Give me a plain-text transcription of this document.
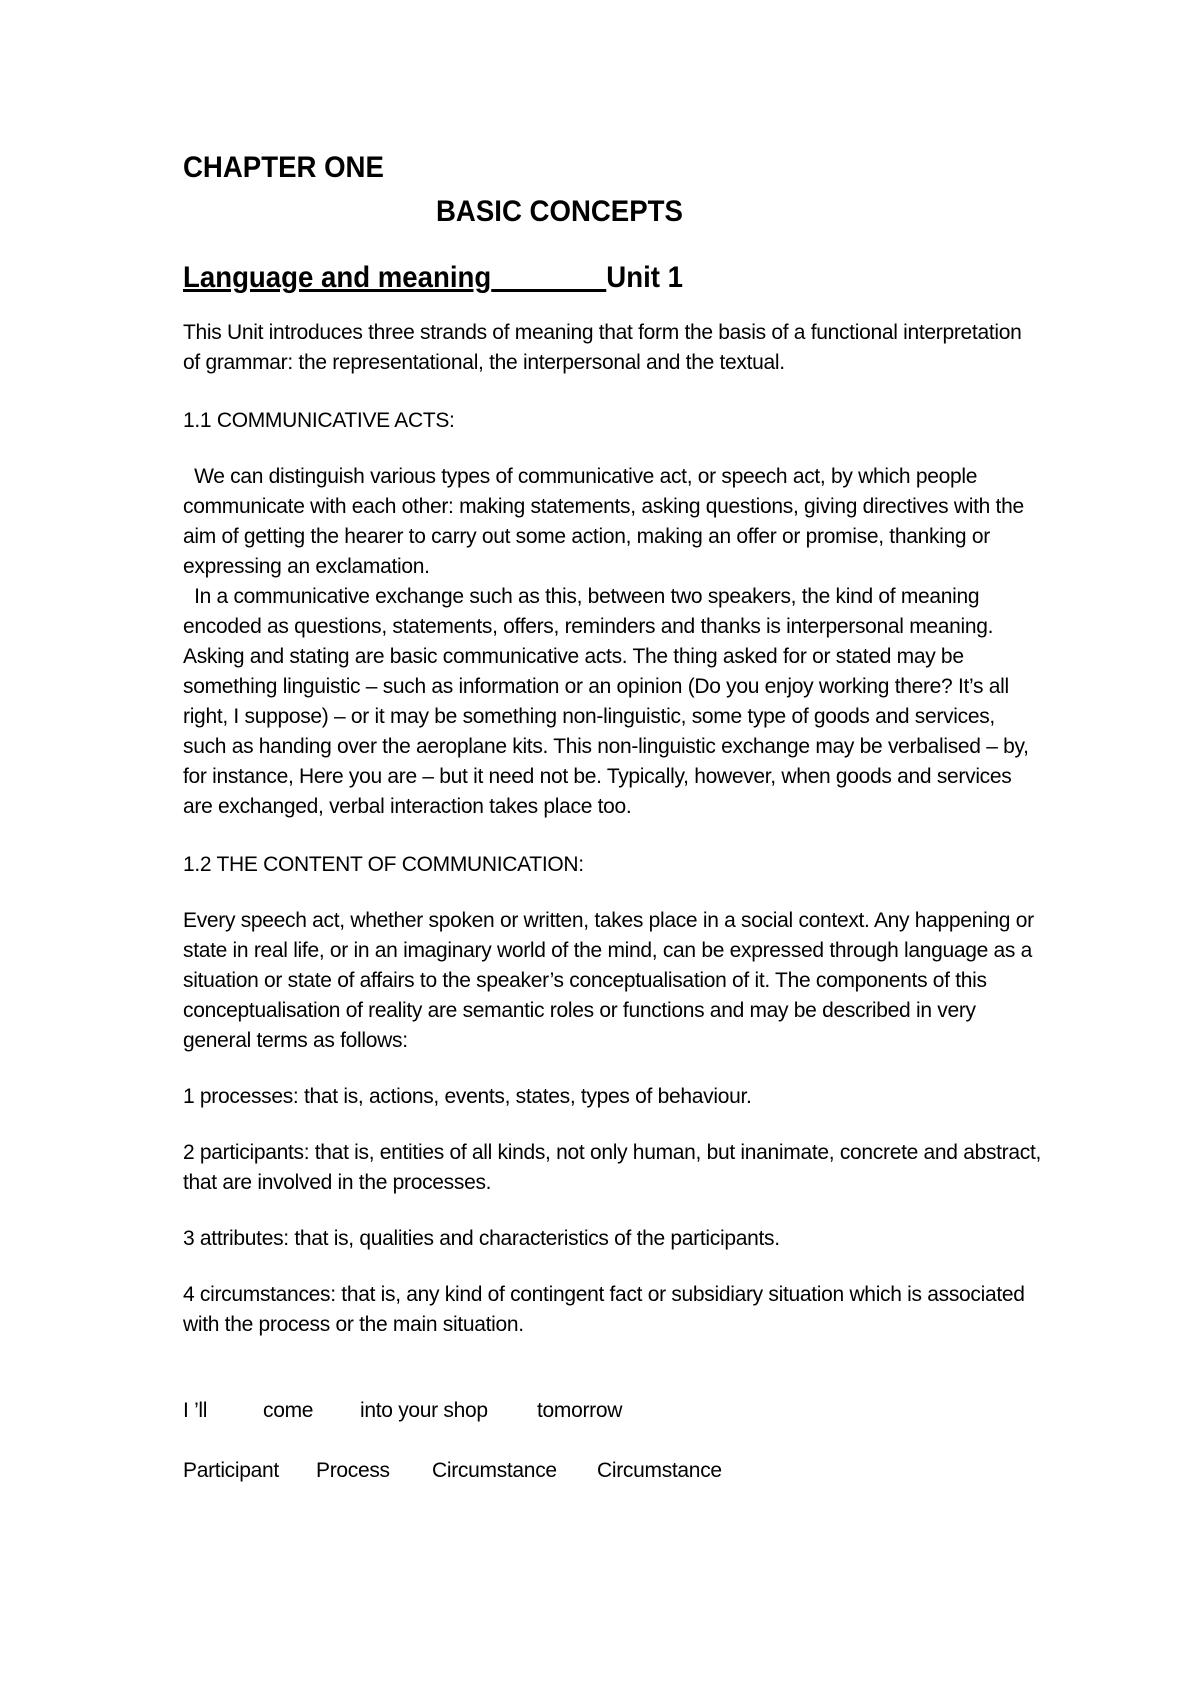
CHAPTER ONE
BASIC CONCEPTS
Language and meaning	Unit 1

This Unit introduces three strands of meaning that form the basis of a functional interpretation of grammar: the representational, the interpersonal and the textual.

1.1 COMMUNICATIVE ACTS:

We can distinguish various types of communicative act, or speech act, by which people communicate with each other: making statements, asking questions, giving directives with the aim of getting the hearer to carry out some action, making an offer or promise, thanking or expressing an exclamation.

In a communicative exchange such as this, between two speakers, the kind of meaning encoded as questions, statements, offers, reminders and thanks is interpersonal meaning. Asking and stating are basic communicative acts. The thing asked for or stated may be something linguistic – such as information or an opinion (Do you enjoy working there? It’s all right, I suppose) – or it may be something non-linguistic, some type of goods and services, such as handing over the aeroplane kits. This non-linguistic exchange may be verbalised – by, for instance, Here you are – but it need not be. Typically, however, when goods and services are exchanged, verbal interaction takes place too.

1.2 THE CONTENT OF COMMUNICATION:

Every speech act, whether spoken or written, takes place in a social context. Any happening or state in real life, or in an imaginary world of the mind, can be expressed through language as a situation or state of affairs to the speaker’s conceptualisation of it. The components of this conceptualisation of reality are semantic roles or functions and may be described in very general terms as follows:

1 processes: that is, actions, events, states, types of behaviour.

2 participants: that is, entities of all kinds, not only human, but inanimate, concrete and abstract, that are involved in the processes.

3 attributes: that is, qualities and characteristics of the participants.

4 circumstances: that is, any kind of contingent fact or subsidiary situation which is associated with the process or the main situation.

I ’ll	come	into your shop	tomorrow
Participant	Process	Circumstance	Circumstance
